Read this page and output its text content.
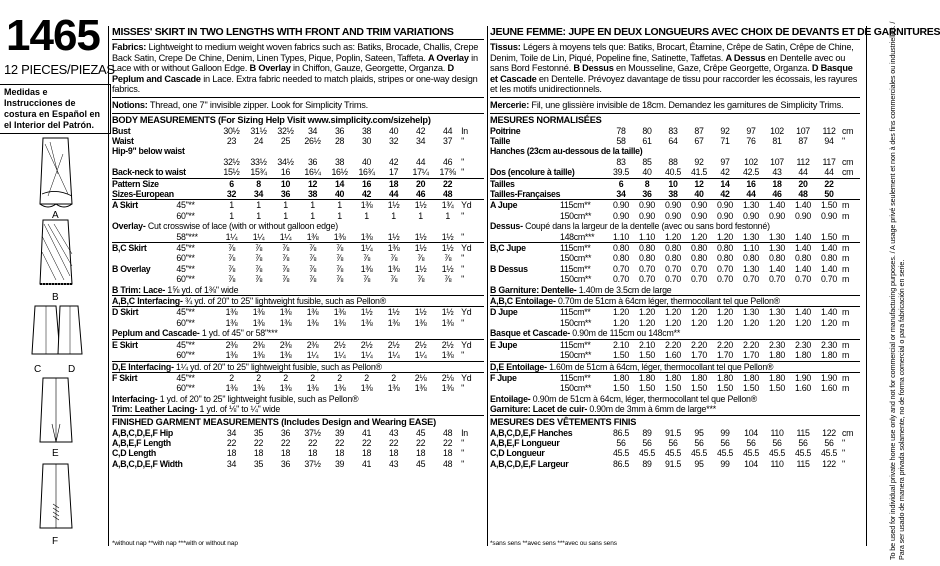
1465
12 PIECES/PIEZAS
Medidas e Instrucciones de costura en Español en el Interior del Patrón.
A
B
C	D
E
F
MISSES' SKIRT IN TWO LENGTHS WITH FRONT AND TRIM VARIATIONS
Fabrics: Lightweight to medium weight woven fabrics such as: Batiks, Brocade, Challis, Crepe Back Satin, Crepe De Chine, Denim, Linen Types, Pique, Poplin, Sateen, Taffeta. A Overlay in Lace with or without Galloon Edge. B Overlay in Chiffon, Gauze, Georgette, Organza. D Peplum and Cascade in Lace. Extra fabric needed to match plaids, stripes or one-way design fabrics.
Notions: Thread, one 7" invisible zipper. Look for Simplicity Trims.
BODY MEASUREMENTS (For Sizing Help Visit www.simplicity.com/sizehelp)
Bust		30½	31½	32½	34	36	38	40	42	44	In
Waist		23	24	25	26½	28	30	32	34	37	"
Hip-9" below waist										
		32½	33½	34½	36	38	40	42	44	46	"
Back-neck to waist		15½	15¾	16	16¼	16½	16¾	17	17¼	17⅜	"
Pattern Size		6	8	10	12	14	16	18	20	22	
Sizes-European		32	34	36	38	40	42	44	46	48	
A Skirt	45"**	1	1	1	1	1	1⅜	1½	1½	1¾	Yd
	60"**	1	1	1	1	1	1	1	1	1	"
Overlay- Cut crosswise of lace (with or without galloon edge)
	58"***	1¼	1¼	1¼	1⅜	1⅜	1⅜	1½	1½	1½	"
B,C Skirt	45"**	⅞	⅞	⅞	⅞	⅞	1¼	1⅜	1½	1½	Yd
	60"**	⅞	⅞	⅞	⅞	⅞	⅞	⅞	⅞	⅞	"
B Overlay	45"**	⅞	⅞	⅞	⅞	⅞	1⅜	1⅜	1½	1½	"
	60"**	⅞	⅞	⅞	⅞	⅞	⅞	⅞	⅞	⅞	"
B Trim: Lace- 1⅝ yd. of 1⅜" wide
A,B,C Interfacing- ¾ yd. of 20" to 25" lightweight fusible, such as Pellon®
D Skirt	45"**	1⅜	1⅜	1⅜	1⅜	1⅜	1½	1½	1½	1½	Yd
	60"**	1⅜	1⅜	1⅜	1⅜	1⅜	1⅜	1⅜	1⅜	1⅜	"
Peplum and Cascade- 1 yd. of 45" or 58"***
E Skirt	45"**	2⅜	2⅜	2⅜	2⅜	2½	2½	2½	2½	2½	Yd
	60"**	1⅜	1⅜	1⅜	1¼	1¼	1¼	1¼	1¼	1⅜	"
D,E Interfacing- 1¼ yd. of 20" to 25" lightweight fusible, such as Pellon®
F Skirt	45"**	2	2	2	2	2	2	2	2⅛	2⅛	Yd
	60"**	1⅜	1⅜	1⅜	1⅜	1⅜	1⅜	1⅜	1⅜	1⅜	"
Interfacing- 1 yd. of 20" to 25" lightweight fusible, such as Pellon®
Trim: Leather Lacing- 1 yd. of ⅛" to ¼" wide
FINISHED GARMENT MEASUREMENTS (Includes Design and Wearing EASE)
A,B,C,D,E,F Hip		34	35	36	37½	39	41	43	45	48	In
A,B,E,F Length		22	22	22	22	22	22	22	22	22	"
C,D Length		18	18	18	18	18	18	18	18	18	"
A,B,C,D,E,F Width		34	35	36	37½	39	41	43	45	48	"
JEUNE FEMME: JUPE EN DEUX LONGUEURS AVEC CHOIX DE DEVANTS ET DE GARNITURES
Tissus: Légers à moyens tels que: Batiks, Brocart, Étamine, Crêpe de Satin, Crêpe de Chine, Denim, Toile de Lin, Piqué, Popeline fine, Satinette, Taffetas. A Dessus en Dentelle avec ou sans Bord Festonné. B Dessus en Mousseline, Gaze, Crêpe Georgette, Organza. D Basque et Cascade en Dentelle. Prévoyez davantage de tissu pour raccorder les écossais, les rayures et les motifs unidirectionnels.
Mercerie: Fil, une glissière invisible de 18cm. Demandez les garnitures de Simplicity Trims.
MESURES NORMALISÉES
Poitrine		78	80	83	87	92	97	102	107	112	cm
Taille		58	61	64	67	71	76	81	87	94	"
Hanches (23cm au-dessous de la taille)										
		83	85	88	92	97	102	107	112	117	cm
Dos (encolure à taille)		39.5	40	40.5	41.5	42	42.5	43	44	44	cm
Tailles		6	8	10	12	14	16	18	20	22	
Tailles-Françaises		34	36	38	40	42	44	46	48	50	
A Jupe	115cm**	0.90	0.90	0.90	0.90	0.90	1.30	1.40	1.40	1.50	m
	150cm**	0.90	0.90	0.90	0.90	0.90	0.90	0.90	0.90	0.90	m
Dessus- Coupé dans la largeur de la dentelle (avec ou sans bord festonné)
	148cm***	1.10	1.10	1.20	1.20	1.20	1.30	1.30	1.40	1.50	m
B,C Jupe	115cm**	0.80	0.80	0.80	0.80	0.80	1.10	1.30	1.40	1.40	m
	150cm**	0.80	0.80	0.80	0.80	0.80	0.80	0.80	0.80	0.80	m
B Dessus	115cm**	0.70	0.70	0.70	0.70	0.70	1.30	1.40	1.40	1.40	m
	150cm**	0.70	0.70	0.70	0.70	0.70	0.70	0.70	0.70	0.70	m
B Garniture: Dentelle- 1.40m de 3.5cm de large
A,B,C Entoilage- 0.70m de 51cm à 64cm léger, thermocollant tel que Pellon®
D Jupe	115cm**	1.20	1.20	1.20	1.20	1.20	1.30	1.30	1.40	1.40	m
	150cm**	1.20	1.20	1.20	1.20	1.20	1.20	1.20	1.20	1.20	m
Basque et Cascade- 0.90m de 115cm ou 148cm**
E Jupe	115cm**	2.10	2.10	2.20	2.20	2.20	2.20	2.30	2.30	2.30	m
	150cm**	1.50	1.50	1.60	1.70	1.70	1.70	1.80	1.80	1.80	m
D,E Entoilage- 1.60m de 51cm à 64cm, léger, thermocollant tel que Pellon®
F Jupe	115cm**	1.80	1.80	1.80	1.80	1.80	1.80	1.80	1.90	1.90	m
	150cm**	1.50	1.50	1.50	1.50	1.50	1.50	1.50	1.60	1.60	m
Entoilage- 0.90m de 51cm à 64cm, léger, thermocollant tel que Pellon®
Garniture: Lacet de cuir- 0.90m de 3mm à 6mm de large***
MESURES DES VÊTEMENTS FINIS
A,B,C,D,E,F Hanches		86.5	89	91.5	95	99	104	110	115	122	cm
A,B,E,F Longueur		56	56	56	56	56	56	56	56	56	"
C,D Longueur		45.5	45.5	45.5	45.5	45.5	45.5	45.5	45.5	45.5	"
A,B,C,D,E,F Largeur		86.5	89	91.5	95	99	104	110	115	122	"
*without nap **with nap ***with or without nap	*sans sens **avec sens ***avec ou sans sens	To be used for individual private home use only and not for commercial or manufacturing purposes. / A usage privé seulement et non à des fins commerciales ou industrielles. / Para ser usado de manera privada solamente, no de forma comercial o para fabricación en serie.
